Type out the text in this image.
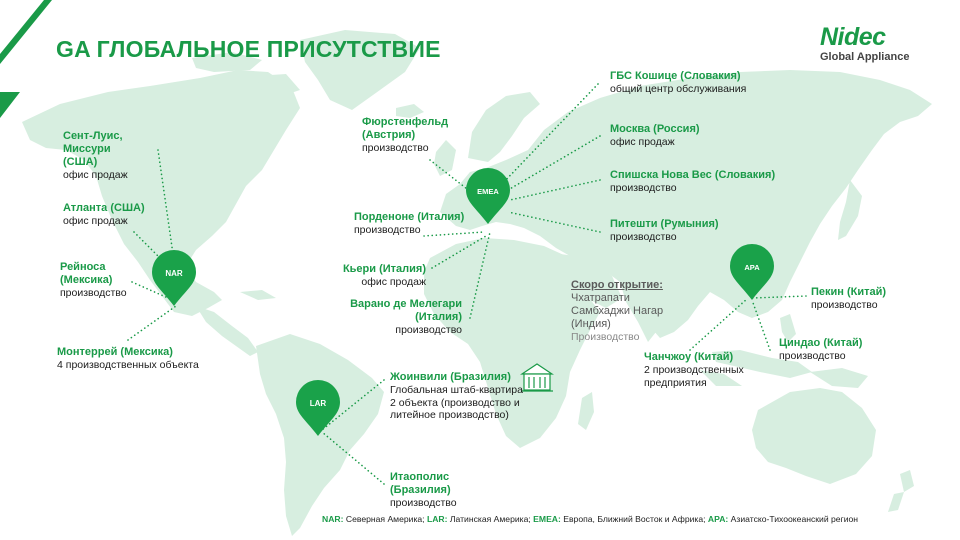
NAR
EMEA
LAR
APA
GA ГЛОБАЛЬНОЕ ПРИСУТСТВИЕ	Nidec
Global Appliance
Сент-Луис,
Миссури
(США)
офис продаж
Атланта (США)
офис продаж
Рейноса
(Мексика)
производство
Монтеррей (Мексика)
4 производственных объекта
Фюрстенфельд
(Австрия)
производство
Порденоне (Италия)
производство
Кьери (Италия)
офис продаж
Варано де Мелегари
(Италия)
производство
ГБС Кошице (Словакия)
общий центр обслуживания
Москва (Россия)
офис продаж
Спишска Нова Вес (Словакия)
производство
Питешти (Румыния)
производство
Скоро открытие:
Чхатрапати
Самбхаджи Нагар
(Индия)
Производство
Чанчжоу (Китай)
2 производственных
предприятия
Пекин (Китай)
производство
Циндао (Китай)
производство
Жоинвили (Бразилия)
Глобальная штаб-квартира
2 объекта (производство и
литейное производство)
Итаополис
(Бразилия)
производство
NAR: Северная Америка; LAR: Латинская Америка; EMEA: Европа, Ближний Восток и Африка; APA: Азиатско-Тихоокеанский регион
